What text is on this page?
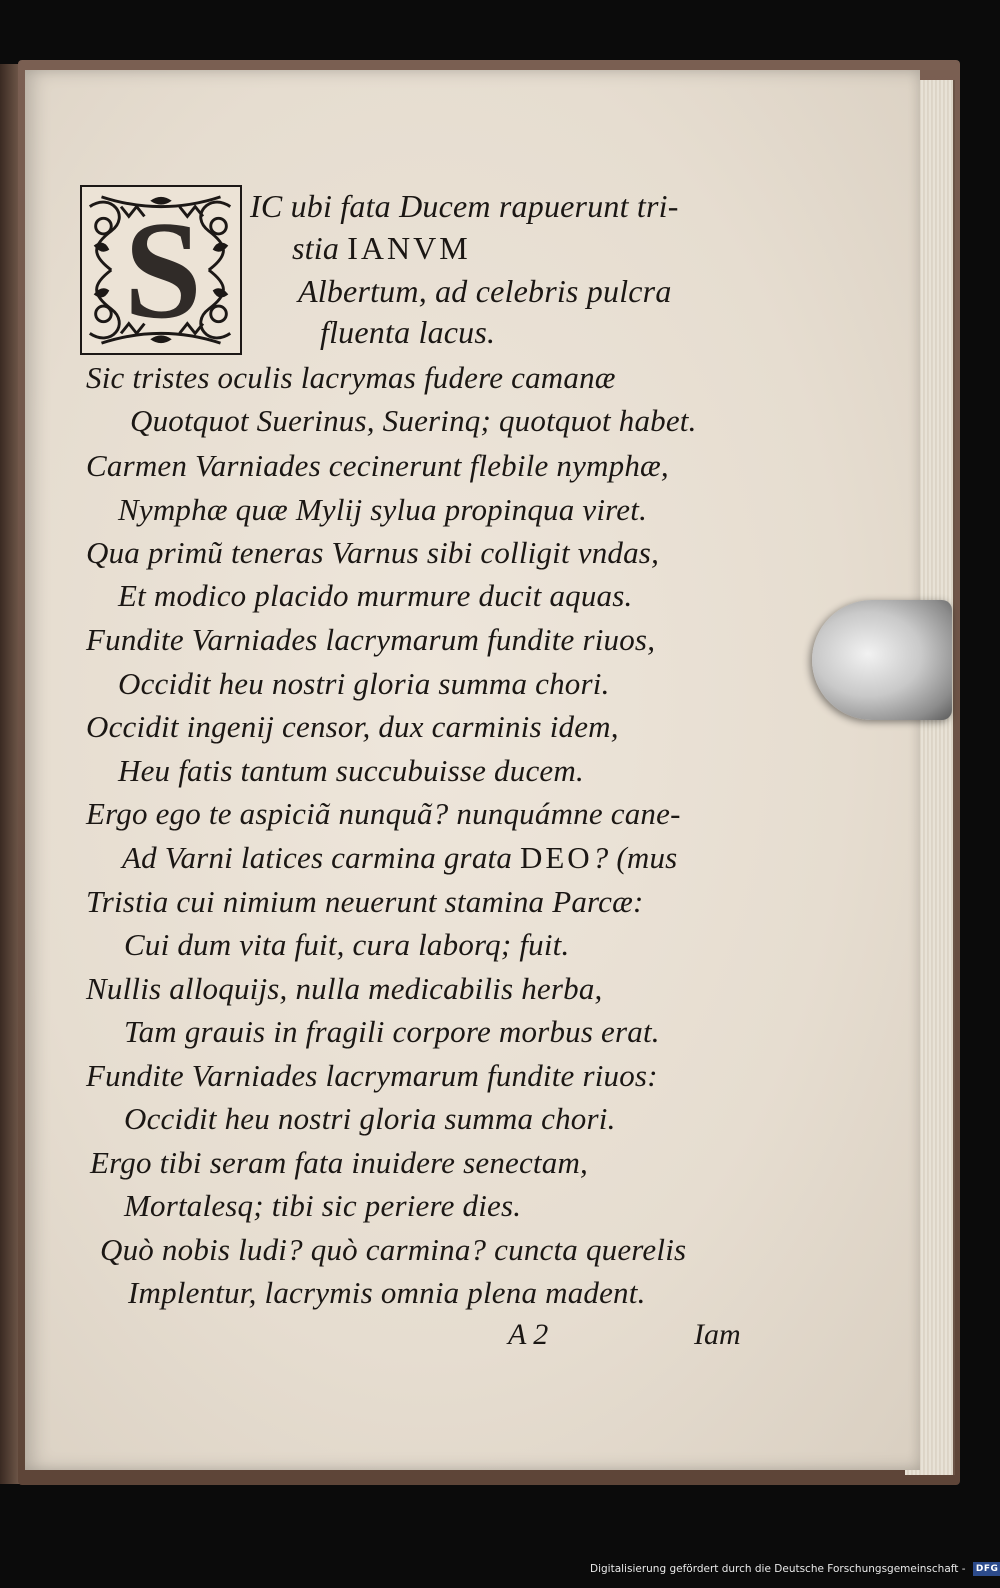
S	IC ubi fata Ducem rapuerunt tri-
stia IANVM
Albertum, ad celebris pulcra
fluenta lacus.
Sic tristes oculis lacrymas fudere camanæ
Quotquot Suerinus, Suerinq; quotquot habet.
Carmen Varniades cecinerunt flebile nymphæ,
Nymphæ quæ Mylij sylua propinqua viret.
Qua primũ teneras Varnus sibi colligit vndas,
Et modico placido murmure ducit aquas.
Fundite Varniades lacrymarum fundite riuos,
Occidit heu nostri gloria summa chori.
Occidit ingenij censor, dux carminis idem,
Heu fatis tantum succubuisse ducem.
Ergo ego te aspiciã nunquã? nunquámne cane-
Ad Varni latices carmina grata DEO? (mus
Tristia cui nimium neuerunt stamina Parcæ:
Cui dum vita fuit, cura laborq; fuit.
Nullis alloquijs, nulla medicabilis herba,
Tam grauis in fragili corpore morbus erat.
Fundite Varniades lacrymarum fundite riuos:
Occidit heu nostri gloria summa chori.
Ergo tibi seram fata inuidere senectam,
Mortalesq; tibi sic periere dies.
Quò nobis ludi? quò carmina? cuncta querelis
Implentur, lacrymis omnia plena madent.
A 2	Iam
Digitalisierung gefördert durch die Deutsche Forschungsgemeinschaft - DFG
